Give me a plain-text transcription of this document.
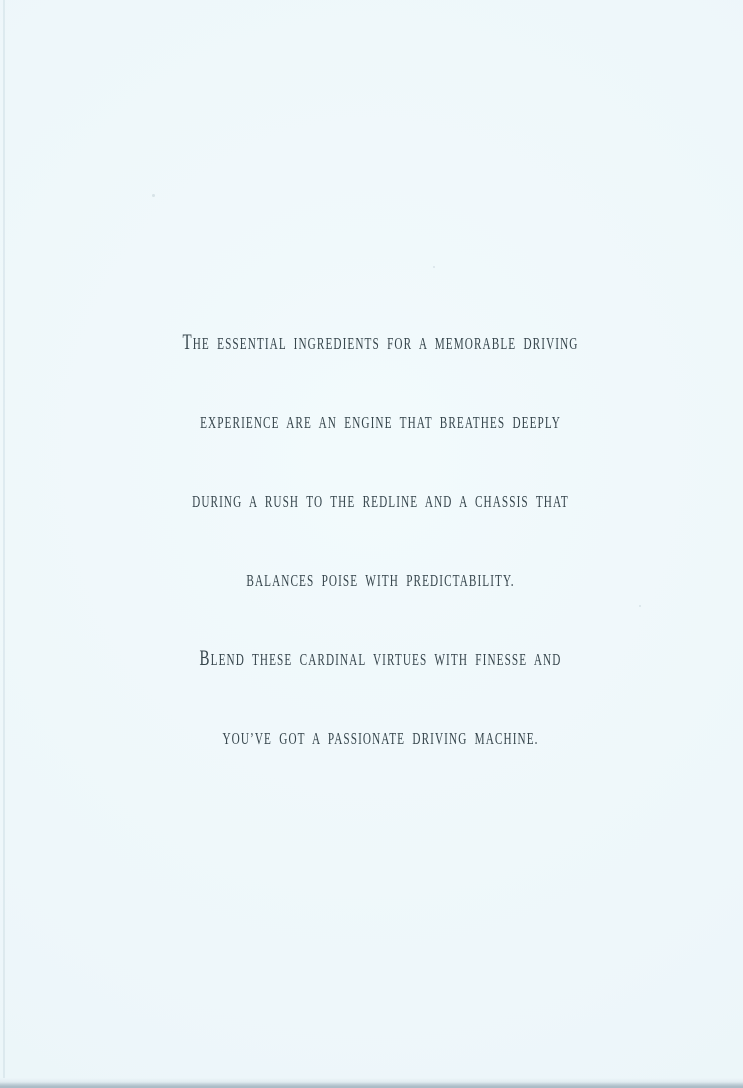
THE ESSENTIAL INGREDIENTS FOR A MEMORABLE DRIVING
EXPERIENCE ARE AN ENGINE THAT BREATHES DEEPLY
DURING A RUSH TO THE REDLINE AND A CHASSIS THAT
BALANCES POISE WITH PREDICTABILITY.
BLEND THESE CARDINAL VIRTUES WITH FINESSE AND
YOU’VE GOT A PASSIONATE DRIVING MACHINE.
